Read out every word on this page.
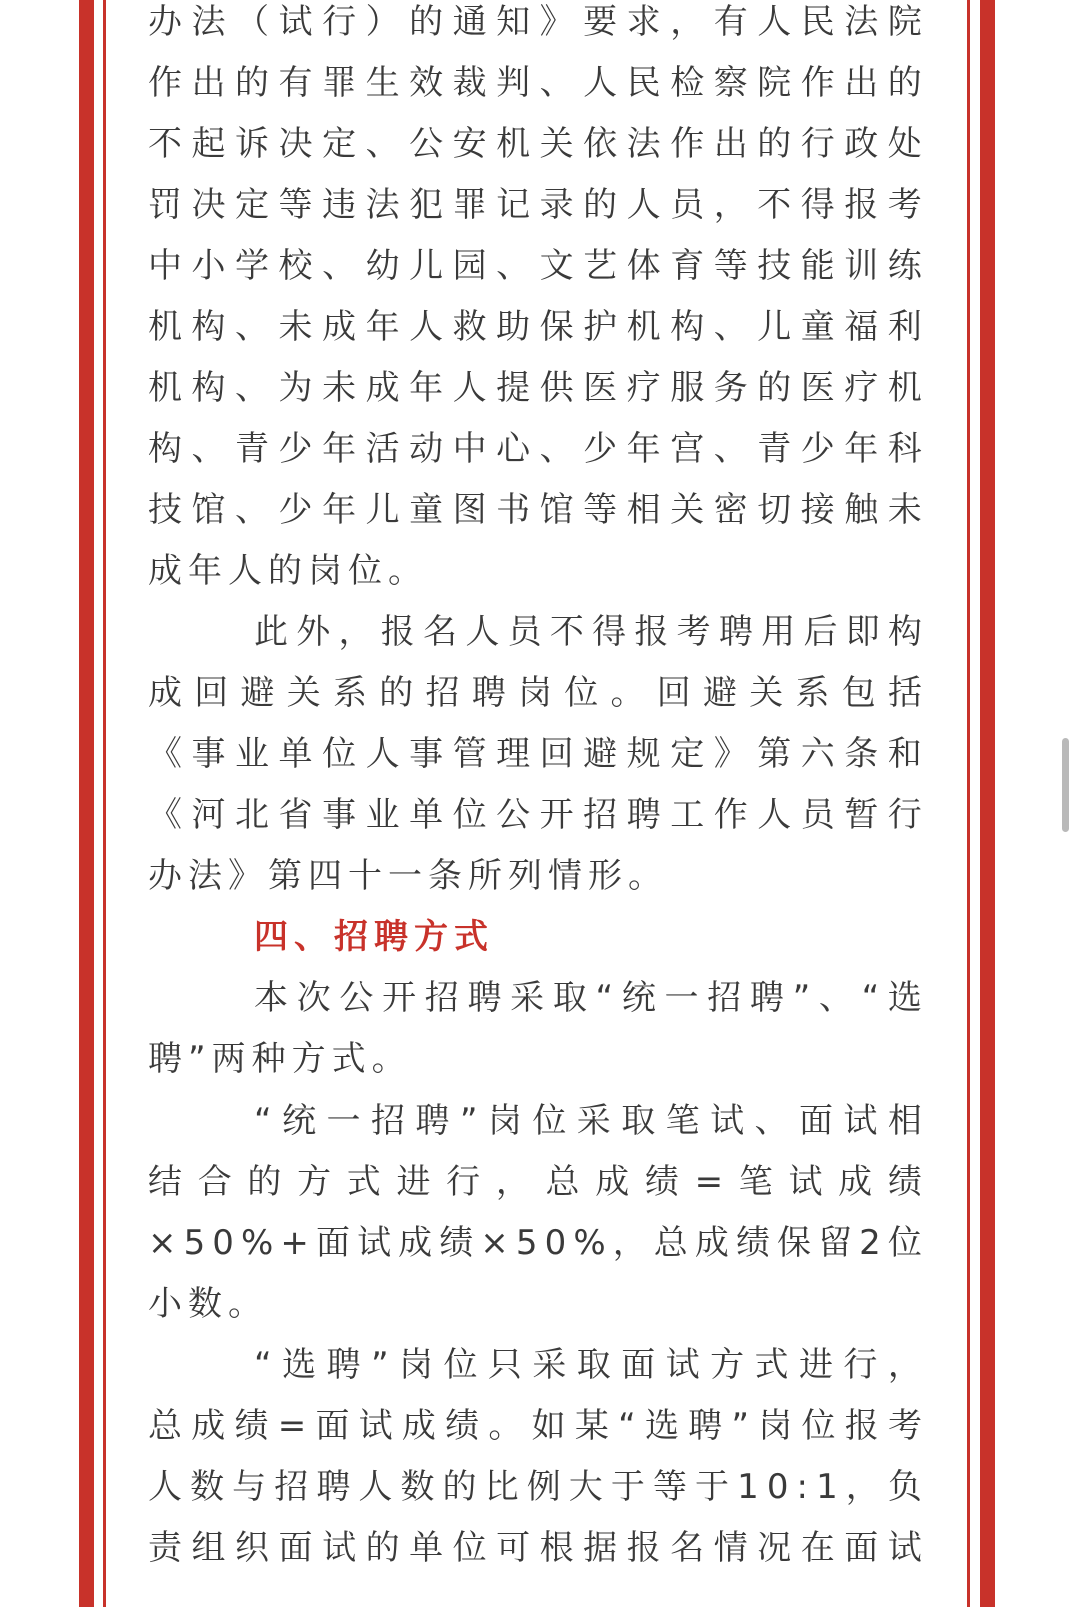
办 法 （ 试 行 ） 的 通 知 》 要 求 ， 有 人 民 法 院
作 出 的 有 罪 生 效 裁 判 、 人 民 检 察 院 作 出 的
不 起 诉 决 定 、 公 安 机 关 依 法 作 出 的 行 政 处
罚 决 定 等 违 法 犯 罪 记 录 的 人 员 ， 不 得 报 考
中 小 学 校 、 幼 儿 园 、 文 艺 体 育 等 技 能 训 练
机 构 、 未 成 年 人 救 助 保 护 机 构 、 儿 童 福 利
机 构 、 为 未 成 年 人 提 供 医 疗 服 务 的 医 疗 机
构 、 青 少 年 活 动 中 心 、 少 年 宫 、 青 少 年 科
技 馆 、 少 年 儿 童 图 书 馆 等 相 关 密 切 接 触 未
成年人的岗位。
此 外 ， 报 名 人 员 不 得 报 考 聘 用 后 即 构
成 回 避 关 系 的 招 聘 岗 位 。 回 避 关 系 包 括
《 事 业 单 位 人 事 管 理 回 避 规 定 》 第 六 条 和
《 河 北 省 事 业 单 位 公 开 招 聘 工 作 人 员 暂 行
办法》第四十一条所列情形。
四、招聘方式
本 次 公 开 招 聘 采 取 “ 统 一 招 聘 ” 、 “ 选
聘”两种方式。
“ 统 一 招 聘 ” 岗 位 采 取 笔 试 、 面 试 相
结 合 的 方 式 进 行 ， 总 成 绩 = 笔 试 成 绩
× 5 0 % + 面 试 成 绩 × 5 0 % ， 总 成 绩 保 留 2 位
小数。
“ 选 聘 ” 岗 位 只 采 取 面 试 方 式 进 行 ，
总 成 绩 = 面 试 成 绩 。 如 某 “ 选 聘 ” 岗 位 报 考
人 数 与 招 聘 人 数 的 比 例 大 于 等 于 1 0 : 1 ， 负
责 组 织 面 试 的 单 位 可 根 据 报 名 情 况 在 面 试
